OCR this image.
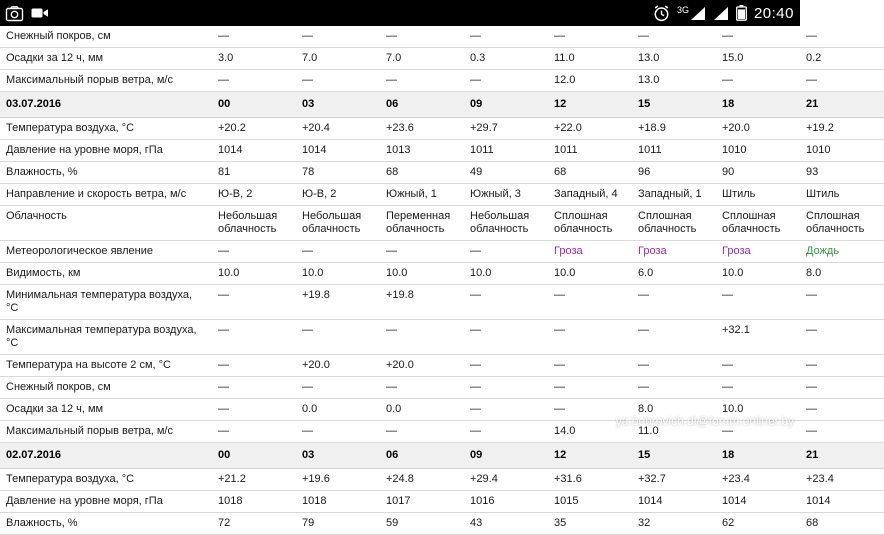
3G	20:40
Снежный покров, см	—	—	—	—	—	—	—	—
Осадки за 12 ч, мм	3.0	7.0	7.0	0.3	11.0	13.0	15.0	0.2
Максимальный порыв ветра, м/с	—	—	—	—	12.0	13.0	—	—
03.07.2016	00	03	06	09	12	15	18	21
Температура воздуха, °С	+20.2	+20.4	+23.6	+29.7	+22.0	+18.9	+20.0	+19.2
Давление на уровне моря, гПа	1014	1014	1013	1011	1011	1011	1010	1010
Влажность, %	81	78	68	49	68	96	90	93
Направление и скорость ветра, м/с	Ю-В, 2	Ю-В, 2	Южный, 1	Южный, 3	Западный, 4	Западный, 1	Штиль	Штиль
Облачность	Небольшая облачность	Небольшая облачность	Переменная облачность	Небольшая облачность	Сплошная облачность	Сплошная облачность	Сплошная облачность	Сплошная облачность
Метеорологическое явление	—	—	—	—	Гроза	Гроза	Гроза	Дождь
Видимость, км	10.0	10.0	10.0	10.0	10.0	6.0	10.0	8.0
Минимальная температура воздуха, °С	—	+19.8	+19.8	—	—	—	—	—
Максимальная температура воздуха, °С	—	—	—	—	—	—	+32.1	—
Температура на высоте 2 см, °С	—	+20.0	+20.0	—	—	—	—	—
Снежный покров, см	—	—	—	—	—	—	—	—
Осадки за 12 ч, мм	—	0.0	0.0	—	—	8.0	10.0	—
Максимальный порыв ветра, м/с	—	—	—	—	14.0	11.0	—	—
02.07.2016	00	03	06	09	12	15	18	21
Температура воздуха, °С	+21.2	+19.6	+24.8	+29.4	+31.6	+32.7	+23.4	+23.4
Давление на уровне моря, гПа	1018	1018	1017	1016	1015	1014	1014	1014
Влажность, %	72	79	59	43	35	32	62	68
ya.bobrovich.dl@forum.onliner.by
